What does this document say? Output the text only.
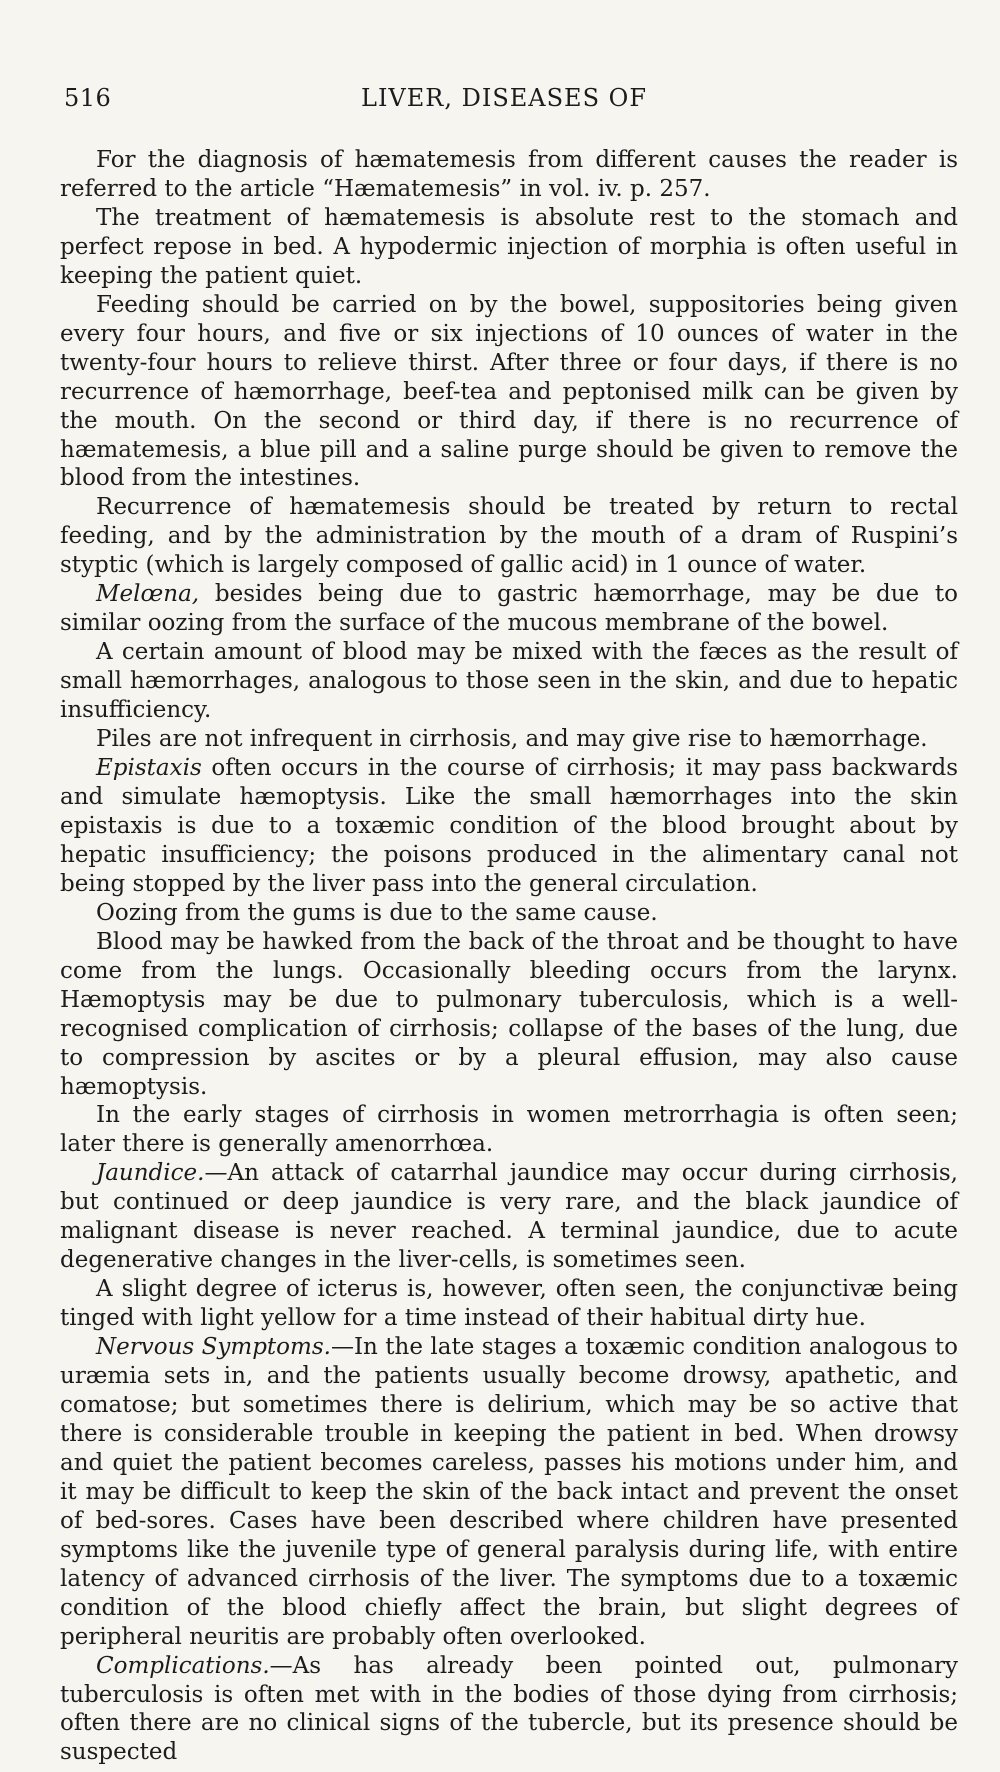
516	LIVER, DISEASES OF

For the diagnosis of hæmatemesis from different causes the reader is referred to the article “Hæmatemesis” in vol. iv. p. 257.

The treatment of hæmatemesis is absolute rest to the stomach and perfect repose in bed. A hypodermic injection of morphia is often useful in keeping the patient quiet.

Feeding should be carried on by the bowel, suppositories being given every four hours, and five or six injections of 10 ounces of water in the twenty-four hours to relieve thirst. After three or four days, if there is no recurrence of hæmorrhage, beef-tea and peptonised milk can be given by the mouth. On the second or third day, if there is no recurrence of hæmatemesis, a blue pill and a saline purge should be given to remove the blood from the intestines.

Recurrence of hæmatemesis should be treated by return to rectal feeding, and by the administration by the mouth of a dram of Ruspini’s styptic (which is largely composed of gallic acid) in 1 ounce of water.

Melœna, besides being due to gastric hæmorrhage, may be due to similar oozing from the surface of the mucous membrane of the bowel.

A certain amount of blood may be mixed with the fæces as the result of small hæmorrhages, analogous to those seen in the skin, and due to hepatic insufficiency.

Piles are not infrequent in cirrhosis, and may give rise to hæmorrhage.

Epistaxis often occurs in the course of cirrhosis; it may pass backwards and simulate hæmoptysis. Like the small hæmorrhages into the skin epistaxis is due to a toxæmic condition of the blood brought about by hepatic insufficiency; the poisons produced in the alimentary canal not being stopped by the liver pass into the general circulation.

Oozing from the gums is due to the same cause.

Blood may be hawked from the back of the throat and be thought to have come from the lungs. Occasionally bleeding occurs from the larynx. Hæmoptysis may be due to pulmonary tuberculosis, which is a well-recognised complication of cirrhosis; collapse of the bases of the lung, due to compression by ascites or by a pleural effusion, may also cause hæmoptysis.

In the early stages of cirrhosis in women metrorrhagia is often seen; later there is generally amenorrhœa.

Jaundice.—An attack of catarrhal jaundice may occur during cirrhosis, but continued or deep jaundice is very rare, and the black jaundice of malignant disease is never reached. A terminal jaundice, due to acute degenerative changes in the liver-cells, is sometimes seen.

A slight degree of icterus is, however, often seen, the conjunctivæ being tinged with light yellow for a time instead of their habitual dirty hue.

Nervous Symptoms.—In the late stages a toxæmic condition analogous to uræmia sets in, and the patients usually become drowsy, apathetic, and comatose; but sometimes there is delirium, which may be so active that there is considerable trouble in keeping the patient in bed. When drowsy and quiet the patient becomes careless, passes his motions under him, and it may be difficult to keep the skin of the back intact and prevent the onset of bed-sores. Cases have been described where children have presented symptoms like the juvenile type of general paralysis during life, with entire latency of advanced cirrhosis of the liver. The symptoms due to a toxæmic condition of the blood chiefly affect the brain, but slight degrees of peripheral neuritis are probably often overlooked.

Complications.—As has already been pointed out, pulmonary tuberculosis is often met with in the bodies of those dying from cirrhosis; often there are no clinical signs of the tubercle, but its presence should be suspected
